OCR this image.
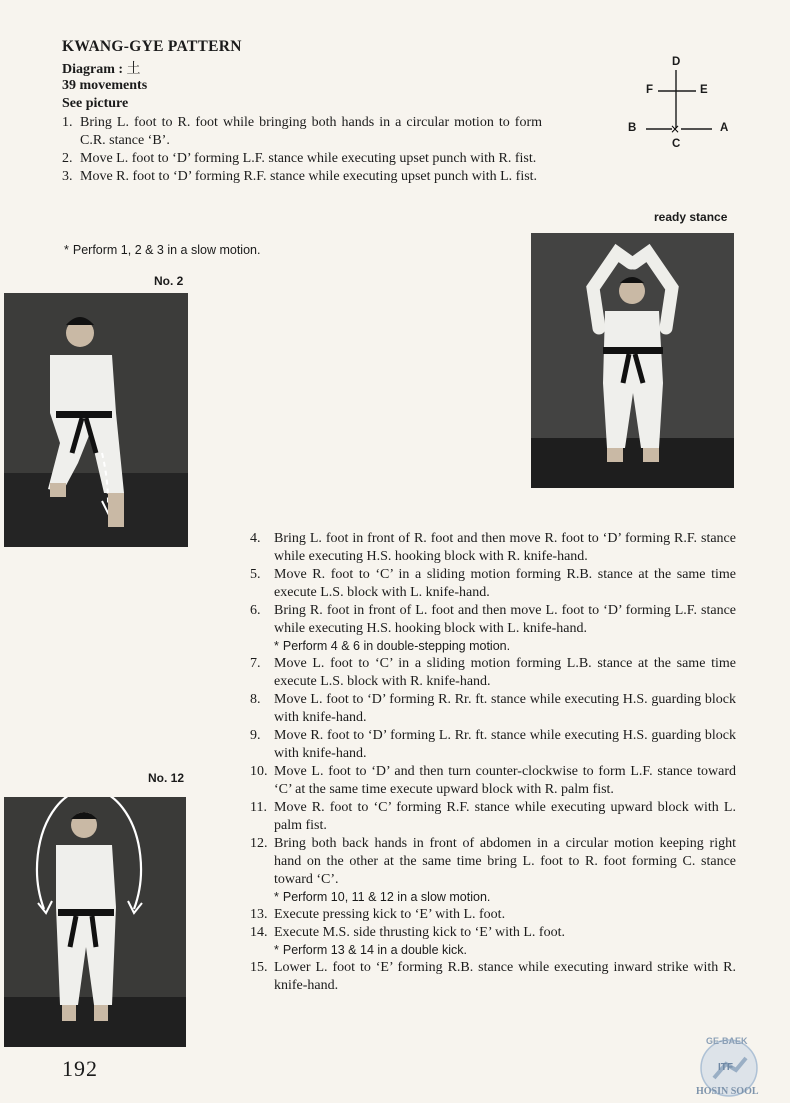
KWANG-GYE PATTERN
Diagram : 土
39 movements
See picture
1. Bring L. foot to R. foot while bringing both hands in a circular motion to form C.R. stance ‘B’.
2. Move L. foot to ‘D’ forming L.F. stance while executing upset punch with R. fist.
3. Move R. foot to ‘D’ forming R.F. stance while executing upset punch with L. fist.
* Perform 1, 2 & 3 in a slow motion.
×
D
E
F
B	A
C
ready stance
No. 2
No. 12
4. Bring L. foot in front of R. foot and then move R. foot to ‘D’ forming R.F. stance while executing H.S. hooking block with R. knife-hand.
5. Move R. foot to ‘C’ in a sliding motion forming R.B. stance at the same time execute L.S. block with L. knife-hand.
6. Bring R. foot in front of L. foot and then move L. foot to ‘D’ forming L.F. stance while executing H.S. hooking block with L. knife-hand.
* Perform 4 & 6 in double-stepping motion.
7. Move L. foot to ‘C’ in a sliding motion forming L.B. stance at the same time execute L.S. block with R. knife-hand.
8. Move L. foot to ‘D’ forming R. Rr. ft. stance while executing H.S. guarding block with knife-hand.
9. Move R. foot to ‘D’ forming L. Rr. ft. stance while executing H.S. guarding block with knife-hand.
10. Move L. foot to ‘D’ and then turn counter-clockwise to form L.F. stance toward ‘C’ at the same time execute upward block with R. palm fist.
11. Move R. foot to ‘C’ forming R.F. stance while executing upward block with L. palm fist.
12. Bring both back hands in front of abdomen in a circular motion keeping right hand on the other at the same time bring L. foot to R. foot forming C. stance toward ‘C’.
* Perform 10, 11 & 12 in a slow motion.
13. Execute pressing kick to ‘E’ with L. foot.
14. Execute M.S. side thrusting kick to ‘E’ with L. foot.
* Perform 13 & 14 in a double kick.
15. Lower L. foot to ‘E’ forming R.B. stance while executing inward strike with R. knife-hand.
192
GE-BAEK
ITF
HOSIN SOOL
